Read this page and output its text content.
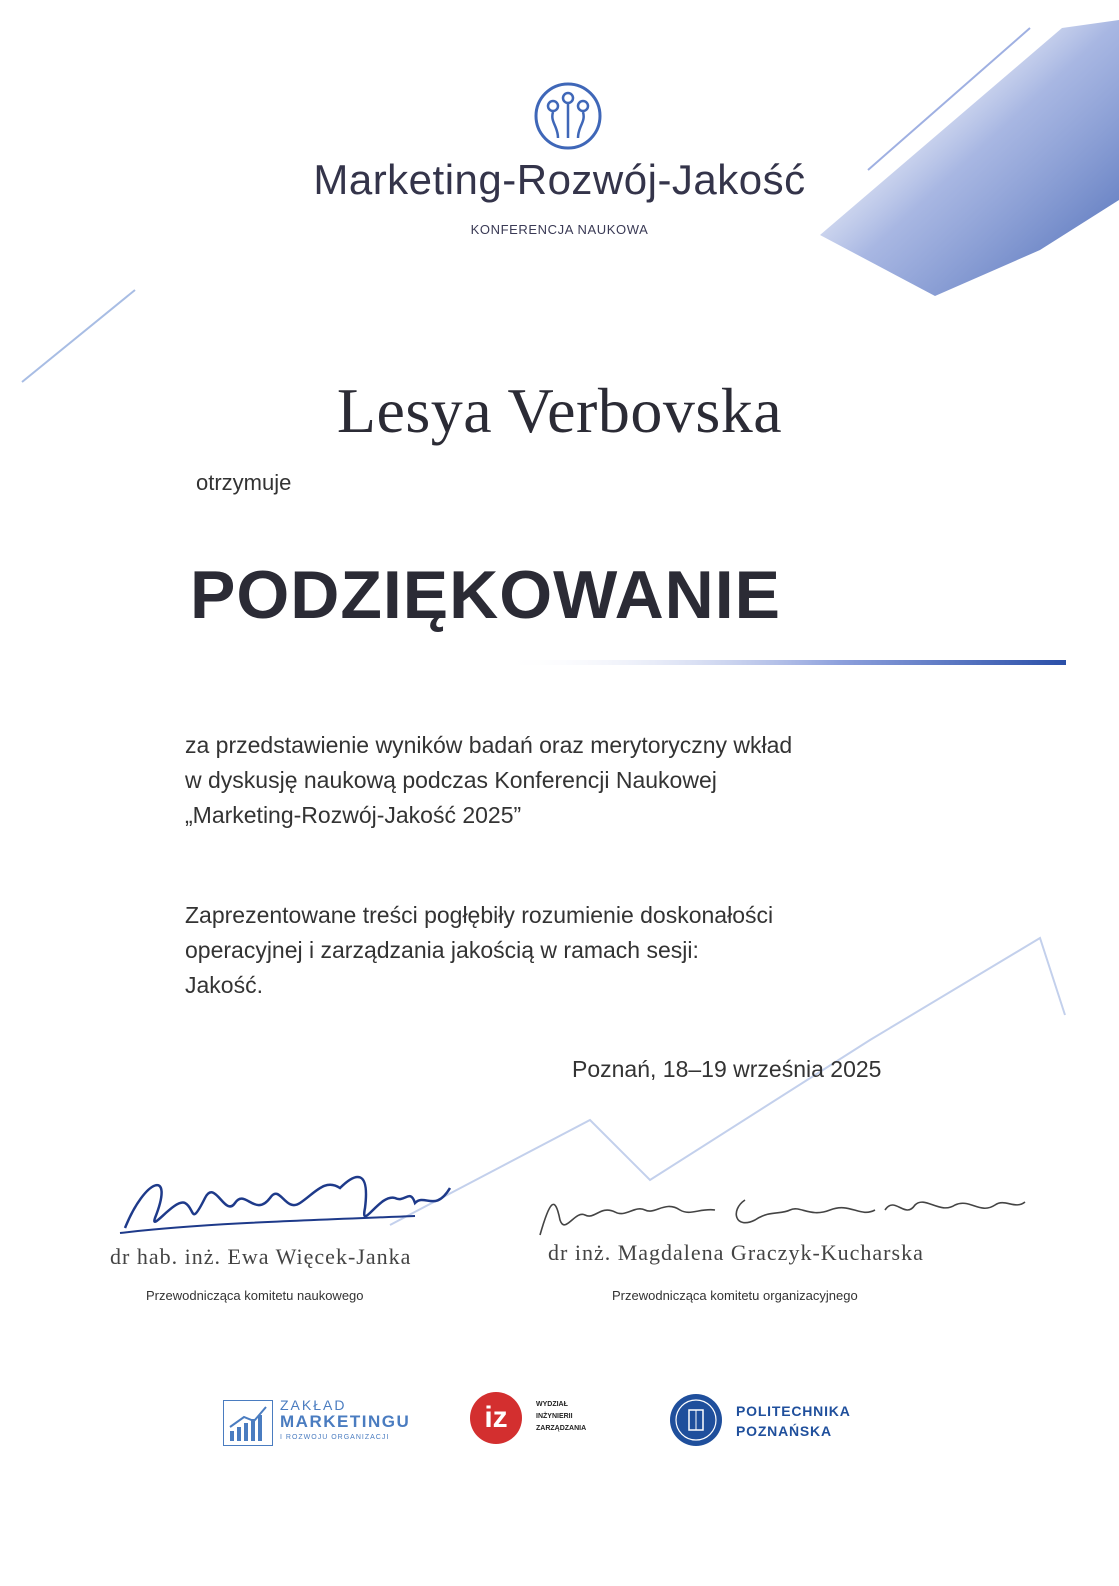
Marketing-Rozwój-Jakość
KONFERENCJA NAUKOWA
Lesya Verbovska
otrzymuje
PODZIĘKOWANIE
za przedstawienie wyników badań oraz merytoryczny wkład
w dyskusję naukową podczas Konferencji Naukowej
„Marketing-Rozwój-Jakość 2025”
Zaprezentowane treści pogłębiły rozumienie doskonałości
operacyjnej i zarządzania jakością w ramach sesji:
Jakość.
Poznań, 18–19 września 2025
dr hab. inż. Ewa Więcek-Janka	dr inż. Magdalena Graczyk-Kucharska
Przewodnicząca komitetu naukowego	Przewodnicząca komitetu organizacyjnego
ZAKŁAD
MARKETINGU
I ROZWOJU ORGANIZACJI
iz	WYDZIAŁ
INŻYNIERII
ZARZĄDZANIA
POLITECHNIKA
POZNAŃSKA
